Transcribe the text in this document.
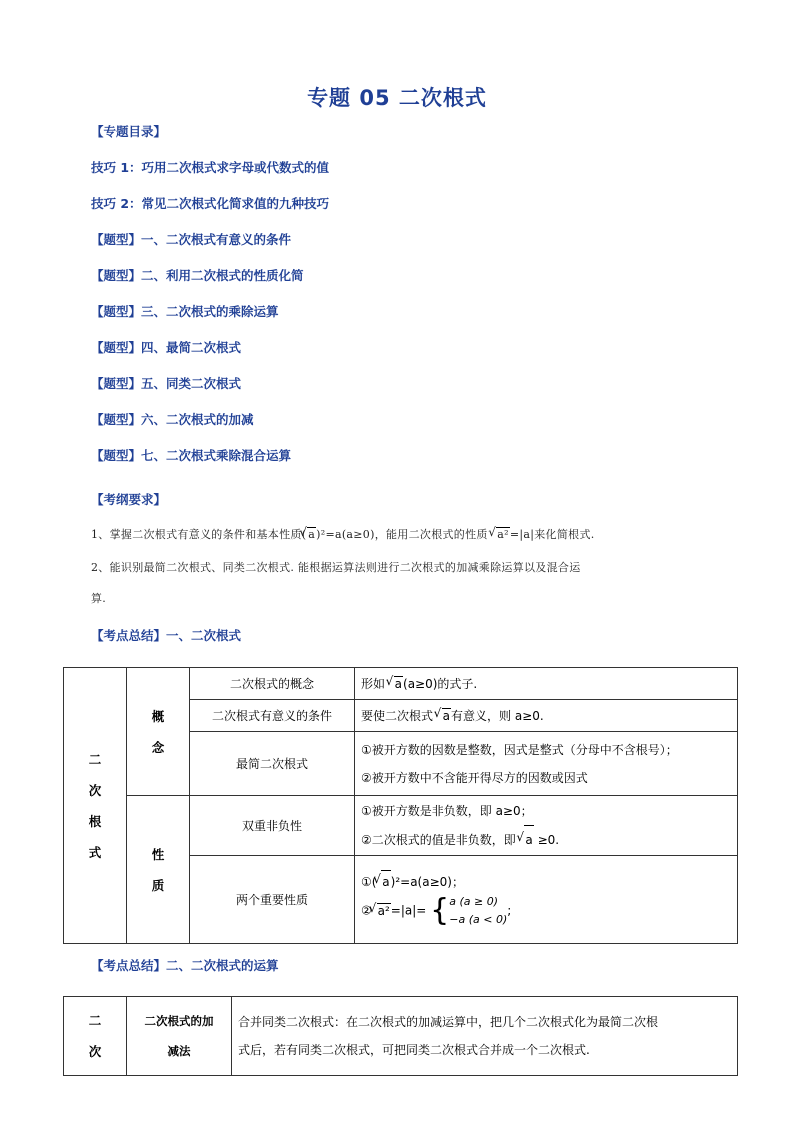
专题 05 二次根式
【专题目录】
技巧 1：巧用二次根式求字母或代数式的值
技巧 2：常见二次根式化简求值的九种技巧
【题型】一、二次根式有意义的条件
【题型】二、利用二次根式的性质化简
【题型】三、二次根式的乘除运算
【题型】四、最简二次根式
【题型】五、同类二次根式
【题型】六、二次根式的加减
【题型】七、二次根式乘除混合运算
【考纲要求】
1、掌握二次根式有意义的条件和基本性质( √ a)²=a(a≥0)，能用二次根式的性质 √ a²=|a|来化简根式.
2、能识别最简二次根式、同类二次根式. 能根据运算法则进行二次根式的加减乘除运算以及混合运
算.
【考点总结】一、二次根式
二
次
根
式	概
念	二次根式的概念	形如 √ a(a≥0)的式子.
		二次根式有意义的条件	要使二次根式 √ a有意义，则 a≥0.
		最简二次根式	①被开方数的因数是整数，因式是整式（分母中不含根号）；
②被开方数中不含能开得尽方的因数或因式
	性
质	双重非负性	①被开方数是非负数，即 a≥0；
②二次根式的值是非负数，即 √ a ≥0.
		两个重要性质	①( √ a)²=a(a≥0)；
② √ a²=|a|= {a (a ≥ 0)
−a (a < 0);
【考点总结】二、二次根式的运算
二
次	二次根式的加
减法	合并同类二次根式：在二次根式的加减运算中，把几个二次根式化为最简二次根
式后，若有同类二次根式，可把同类二次根式合并成一个二次根式.
